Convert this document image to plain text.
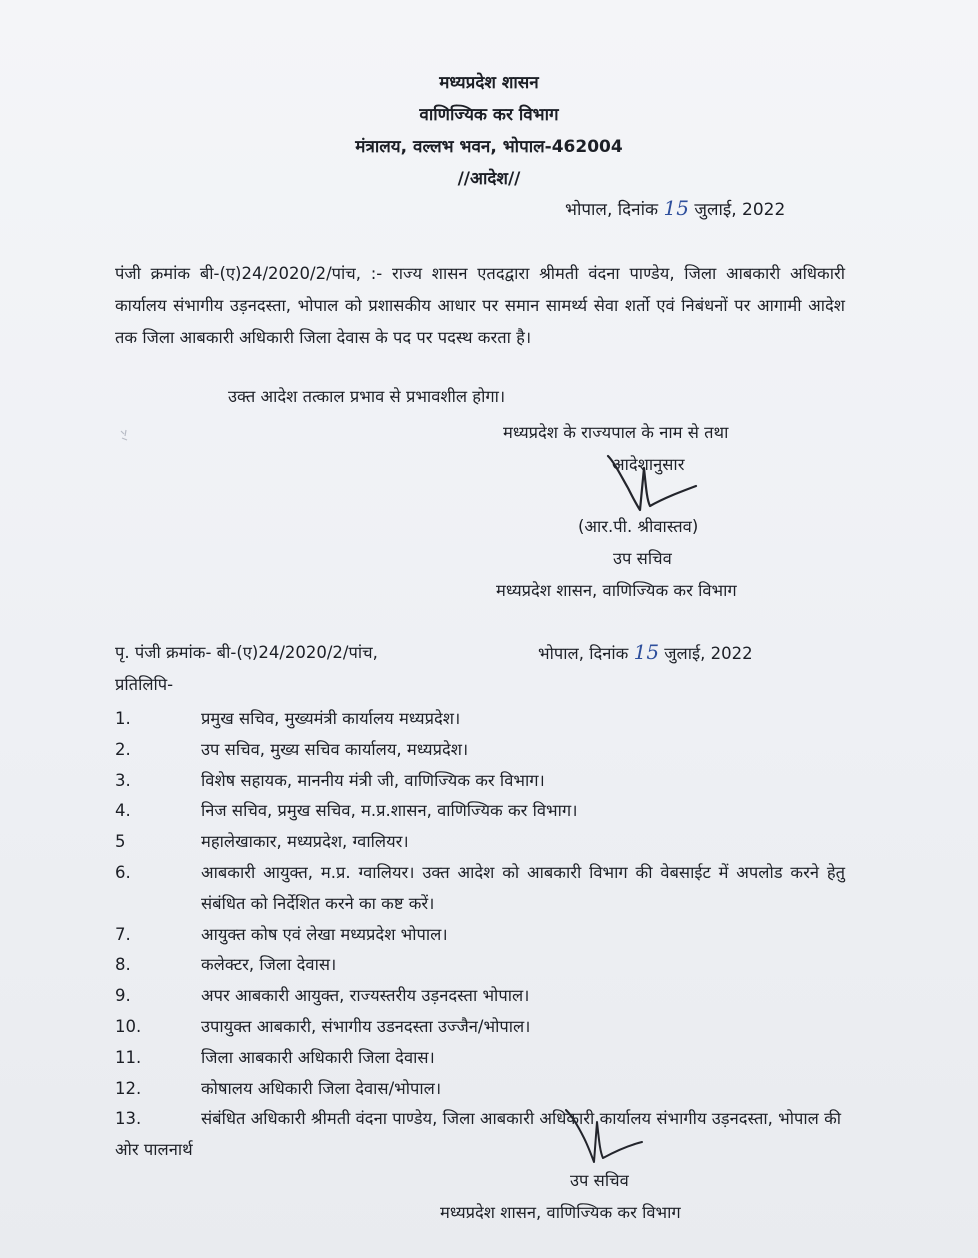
मध्यप्रदेश शासन
वाणिज्यिक कर विभाग
मंत्रालय, वल्लभ भवन, भोपाल-462004
//आदेश//
भोपाल, दिनांक 15 जुलाई, 2022
पंजी क्रमांक बी-(ए)24/2020/2/पांच, :- राज्य शासन एतदद्वारा श्रीमती वंदना पाण्डेय, जिला आबकारी अधिकारी कार्यालय संभागीय उड़नदस्ता, भोपाल को प्रशासकीय आधार पर समान सामर्थ्य सेवा शर्तो एवं निबंधनों पर आगामी आदेश तक जिला आबकारी अधिकारी जिला देवास के पद पर पदस्थ करता है।
उक्त आदेश तत्काल प्रभाव से प्रभावशील होगा।
मध्यप्रदेश के राज्यपाल के नाम से तथा
आदेशानुसार
(आर.पी. श्रीवास्तव)
उप सचिव
मध्यप्रदेश शासन, वाणिज्यिक कर विभाग
पृ. पंजी क्रमांक- बी-(ए)24/2020/2/पांच,	भोपाल, दिनांक 15 जुलाई, 2022
प्रतिलिपि-
1.	प्रमुख सचिव, मुख्यमंत्री कार्यालय मध्यप्रदेश।
2.	उप सचिव, मुख्य सचिव कार्यालय, मध्यप्रदेश।
3.	विशेष सहायक, माननीय मंत्री जी, वाणिज्यिक कर विभाग।
4.	निज सचिव, प्रमुख सचिव, म.प्र.शासन, वाणिज्यिक कर विभाग।
5	महालेखाकार, मध्यप्रदेश, ग्वालियर।
6.	आबकारी आयुक्त, म.प्र. ग्वालियर। उक्त आदेश को आबकारी विभाग की वेबसाईट में अपलोड करने हेतु संबंधित को निर्देशित करने का कष्ट करें।
7.	आयुक्त कोष एवं लेखा मध्यप्रदेश भोपाल।
8.	कलेक्टर, जिला देवास।
9.	अपर आबकारी आयुक्त, राज्यस्तरीय उड़नदस्ता भोपाल।
10.	उपायुक्त आबकारी, संभागीय उडनदस्ता उज्जैन/भोपाल।
11.	जिला आबकारी अधिकारी जिला देवास।
12.	कोषालय अधिकारी जिला देवास/भोपाल।
13.	संबंधित अधिकारी श्रीमती वंदना पाण्डेय, जिला आबकारी अधिकारी कार्यालय संभागीय उड़नदस्ता, भोपाल की ओर पालनार्थ
उप सचिव
मध्यप्रदेश शासन, वाणिज्यिक कर विभाग
